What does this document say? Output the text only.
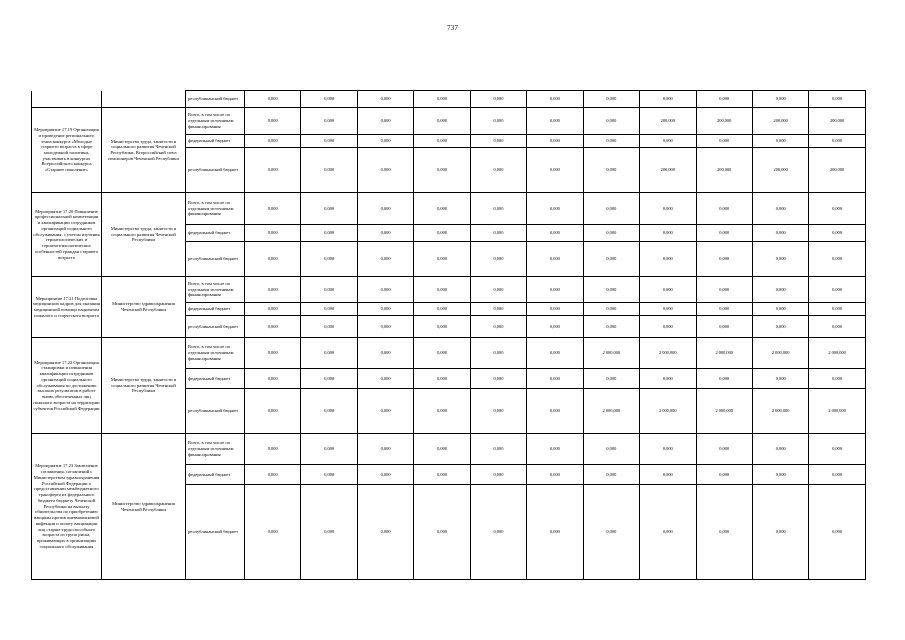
737
		республиканский бюджет	0,000	0,000	0,000	0,000	0,000	0,000	0,000	0,000	0,000	0,000	0,000
Мероприятие 17.19 Организация и проведение регионального этапа конкурса «Молодые старшего возраста в сфере молодежной политики, участвовать в конкурсах Всероссийского конкурса «Старшее поколение»	Министерство труда, занятости и социального развития Чеченской Республики, Всероссийский союз пенсионеров Чеченской Республики	Всего, в том числе по отдельным источникам финансирования	0,000	0,000	0,000	0,000	0,000	0,000	0,000	200,000	200,000	200,000	200,000
		федеральный бюджет	0,000	0,000	0,000	0,000	0,000	0,000	0,000	0,000	0,000	0,000	0,000
		республиканский бюджет	0,000	0,000	0,000	0,000	0,000	0,000	0,000	200,000	200,000	200,000	200,000
Мероприятие 17.20 Повышение профессиональной компетенции и квалификации сотрудников организаций социального обслуживания, с учетом изучения геронтологических и геронтопсихологических особенностей граждан старшего возраста	Министерство труда, занятости и социального развития Чеченской Республики	Всего, в том числе по отдельным источникам финансирования	0,000	0,000	0,000	0,000	0,000	0,000	0,000	0,000	0,000	0,000	0,000
		федеральный бюджет	0,000	0,000	0,000	0,000	0,000	0,000	0,000	0,000	0,000	0,000	0,000
		республиканский бюджет	0,000	0,000	0,000	0,000	0,000	0,000	0,000	0,000	0,000	0,000	0,000
Мероприятие 17.21 Подготовка медицинских кадров для оказания медицинской помощи пациентам пожилого и старческого возраста	Министерство здравоохранения Чеченской Республики	Всего, в том числе по отдельным источникам финансирования	0,000	0,000	0,000	0,000	0,000	0,000	0,000	0,000	0,000	0,000	0,000
		федеральный бюджет	0,000	0,000	0,000	0,000	0,000	0,000	0,000	0,000	0,000	0,000	0,000
		республиканский бюджет	0,000	0,000	0,000	0,000	0,000	0,000	0,000	0,000	0,000	0,000	0,000
Мероприятие 17.22 Организация стажировки и повышения квалификации сотрудников организаций социального обслуживания по достижению высоких результатов в работе вновь обеспеченных лиц пожилого возраста на территории субъектов Российской Федерации	Министерство труда, занятости и социального развития Чеченской Республики	Всего, в том числе по отдельным источникам финансирования	0,000	0,000	0,000	0,000	0,000	0,000	2 000,000	2 000,000	2 000,000	2 000,000	2 000,000
		федеральный бюджет	0,000	0,000	0,000	0,000	0,000	0,000	0,000	0,000	0,000	0,000	0,000
		республиканский бюджет	0,000	0,000	0,000	0,000	0,000	0,000	2 000,000	2 000,000	2 000,000	2 000,000	2 000,000
Мероприятие 17.23 Заключение соглашения, соглашений с Министерством здравоохранения Российской Федерации о предоставлении межбюджетного трансферта из федерального бюджета бюджету Чеченской Республики на выплату обязательства по приобретению вакцины против пневмококковой инфекции и оплату вакцинации лиц старше трудоспособного возраста из групп риска, проживающих в организациях социального обслуживания	Министерство здравоохранения Чеченской Республики	Всего, в том числе по отдельным источникам финансирования	0,000	0,000	0,000	0,000	0,000	0,000	0,000	0,000	0,000	0,000	0,000
		федеральный бюджет	0,000	0,000	0,000	0,000	0,000	0,000	0,000	0,000	0,000	0,000	0,000
		республиканский бюджет	0,000	0,000	0,000	0,000	0,000	0,000	0,000	0,000	0,000	0,000	0,000
